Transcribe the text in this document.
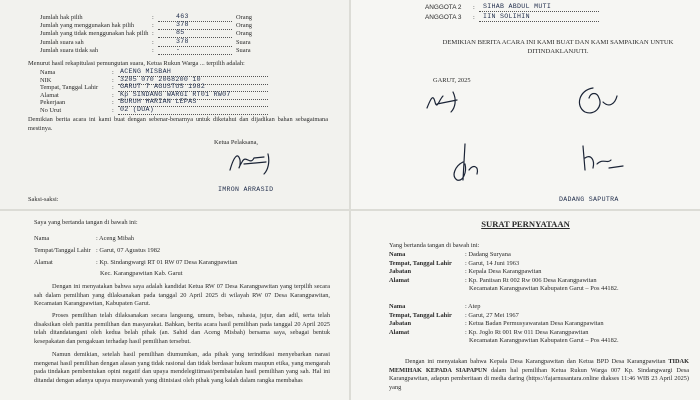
Jumlah hak pilih	:	463	Orang
Jumlah yang menggunakan hak pilih	:	378	Orang
Jumlah yang tidak menggunakan hak pilih :	85	Orang
Jumlah suara sah	:	378	Suara
Jumlah suara tidak sah	:	-	Suara
Menurut hasil rekapitulasi pemungutan suara, Ketua Rukun Warga ... terpilih adalah:
Nama	: ACENG MISBAH
NIK	: 3205 070 2068200 10
Tempat, Tanggal Lahir : GARUT 7 AGUSTUS 1982
Alamat	: Kp SINDANG WARGI RT01 RW07
Pekerjaan	: BURUH HARIAN LEPAS
No Urut	: 02 (DUA)
Demikian berita acara ini kami buat dengan sebenar-benarnya untuk diketahui dan dijadikan bahan sebagaimana mestinya.
Ketua Pelaksana,
IMRON ARRASID
Saksi-saksi:
ANGGOTA 2 : SIHAB ABDUL MUTI
ANGGOTA 3 : IIN SOLIHIN
DEMIKIAN BERITA ACARA INI KAMI BUAT DAN KAMI SAMPAIKAN UNTUK DITINDAKLANJUTI.
GARUT, 2025
DADANG SAPUTRA
Saya yang bertanda tangan di bawah ini:
Nama	: Aceng Mibah
Tempat/Tanggal Lahir : Garut, 07 Agustus 1982
Alamat	: Kp. Sindangwargi RT 01 RW 07 Desa Karangpawitan
Kec. Karangpawitan Kab. Garut
Dengan ini menyatakan bahwa saya adalah kandidat Ketua RW 07 Desa Karangpawitan yang terpilih secara sah dalam pemilihan yang dilaksanakan pada tanggal 20 April 2025 di wilayah RW 07 Desa Karangpawitan, Kecamatan Karangpawitan, Kabupaten Garut.
Proses pemilihan telah dilaksanakan secara langsung, umum, bebas, rahasia, jujur, dan adil, serta telah disaksikan oleh panitia pemilihan dan masyarakat. Bahkan, berita acara hasil pemilihan pada tanggal 20 April 2025 telah ditandatangani oleh kedua belah pihak (an. Sahid dan Aceng Misbah) bersama saya, sebagai bentuk kesepakatan dan pengakuan terhadap hasil pemilihan tersebut.
Namun demikian, setelah hasil pemilihan diumumkan, ada pihak yang terindikasi menyebarkan narasi mengenai hasil pemilihan dengan alasan yang tidak rasional dan tidak berdasar hukum maupun etika, yang mengarah pada tindakan pembentukan opini negatif dan upaya mendelegitimasi/pembatalan hasil pemilihan yang sah. Hal ini ditandai dengan adanya upaya musyawarah yang diinisiasi oleh pihak yang kalah dalam rangka membahas
SURAT PERNYATAAN
Yang bertanda tangan di bawah ini:
Nama	: Dadang Suryana
Tempat, Tanggal Lahir : Garut, 14 Juni 1963
Jabatan	: Kepala Desa Karangpawitan
Alamat	: Kp. Paniisan Rt 002 Rw 006 Desa Karangpawitan
Kecamatan Karangpawitan Kabupaten Garut – Pos 44182.
Nama	: Atep
Tempat, Tanggal Lahir : Garut, 27 Mei 1967
Jabatan	: Ketua Badan Permusyawaratan Desa Karangpawitan
Alamat	: Kp. Joglo Rt 001 Rw 011 Desa Karangpawitan
Kecamatan Karangpawitan Kabupaten Garut – Pos 44182.
Dengan ini menyatakan bahwa Kepala Desa Karangpawitan dan Ketua BPD Desa Karangpawitan TIDAK MEMIHAK KEPADA SIAPAPUN dalam hal pemilihan Ketua Rukun Warga 007 Kp. Sindangwargi Desa Karangpawitan, adapun pemberitaan di media daring (https://fajarnusantara.online diakses 11:46 WIB 23 April 2025) yang
